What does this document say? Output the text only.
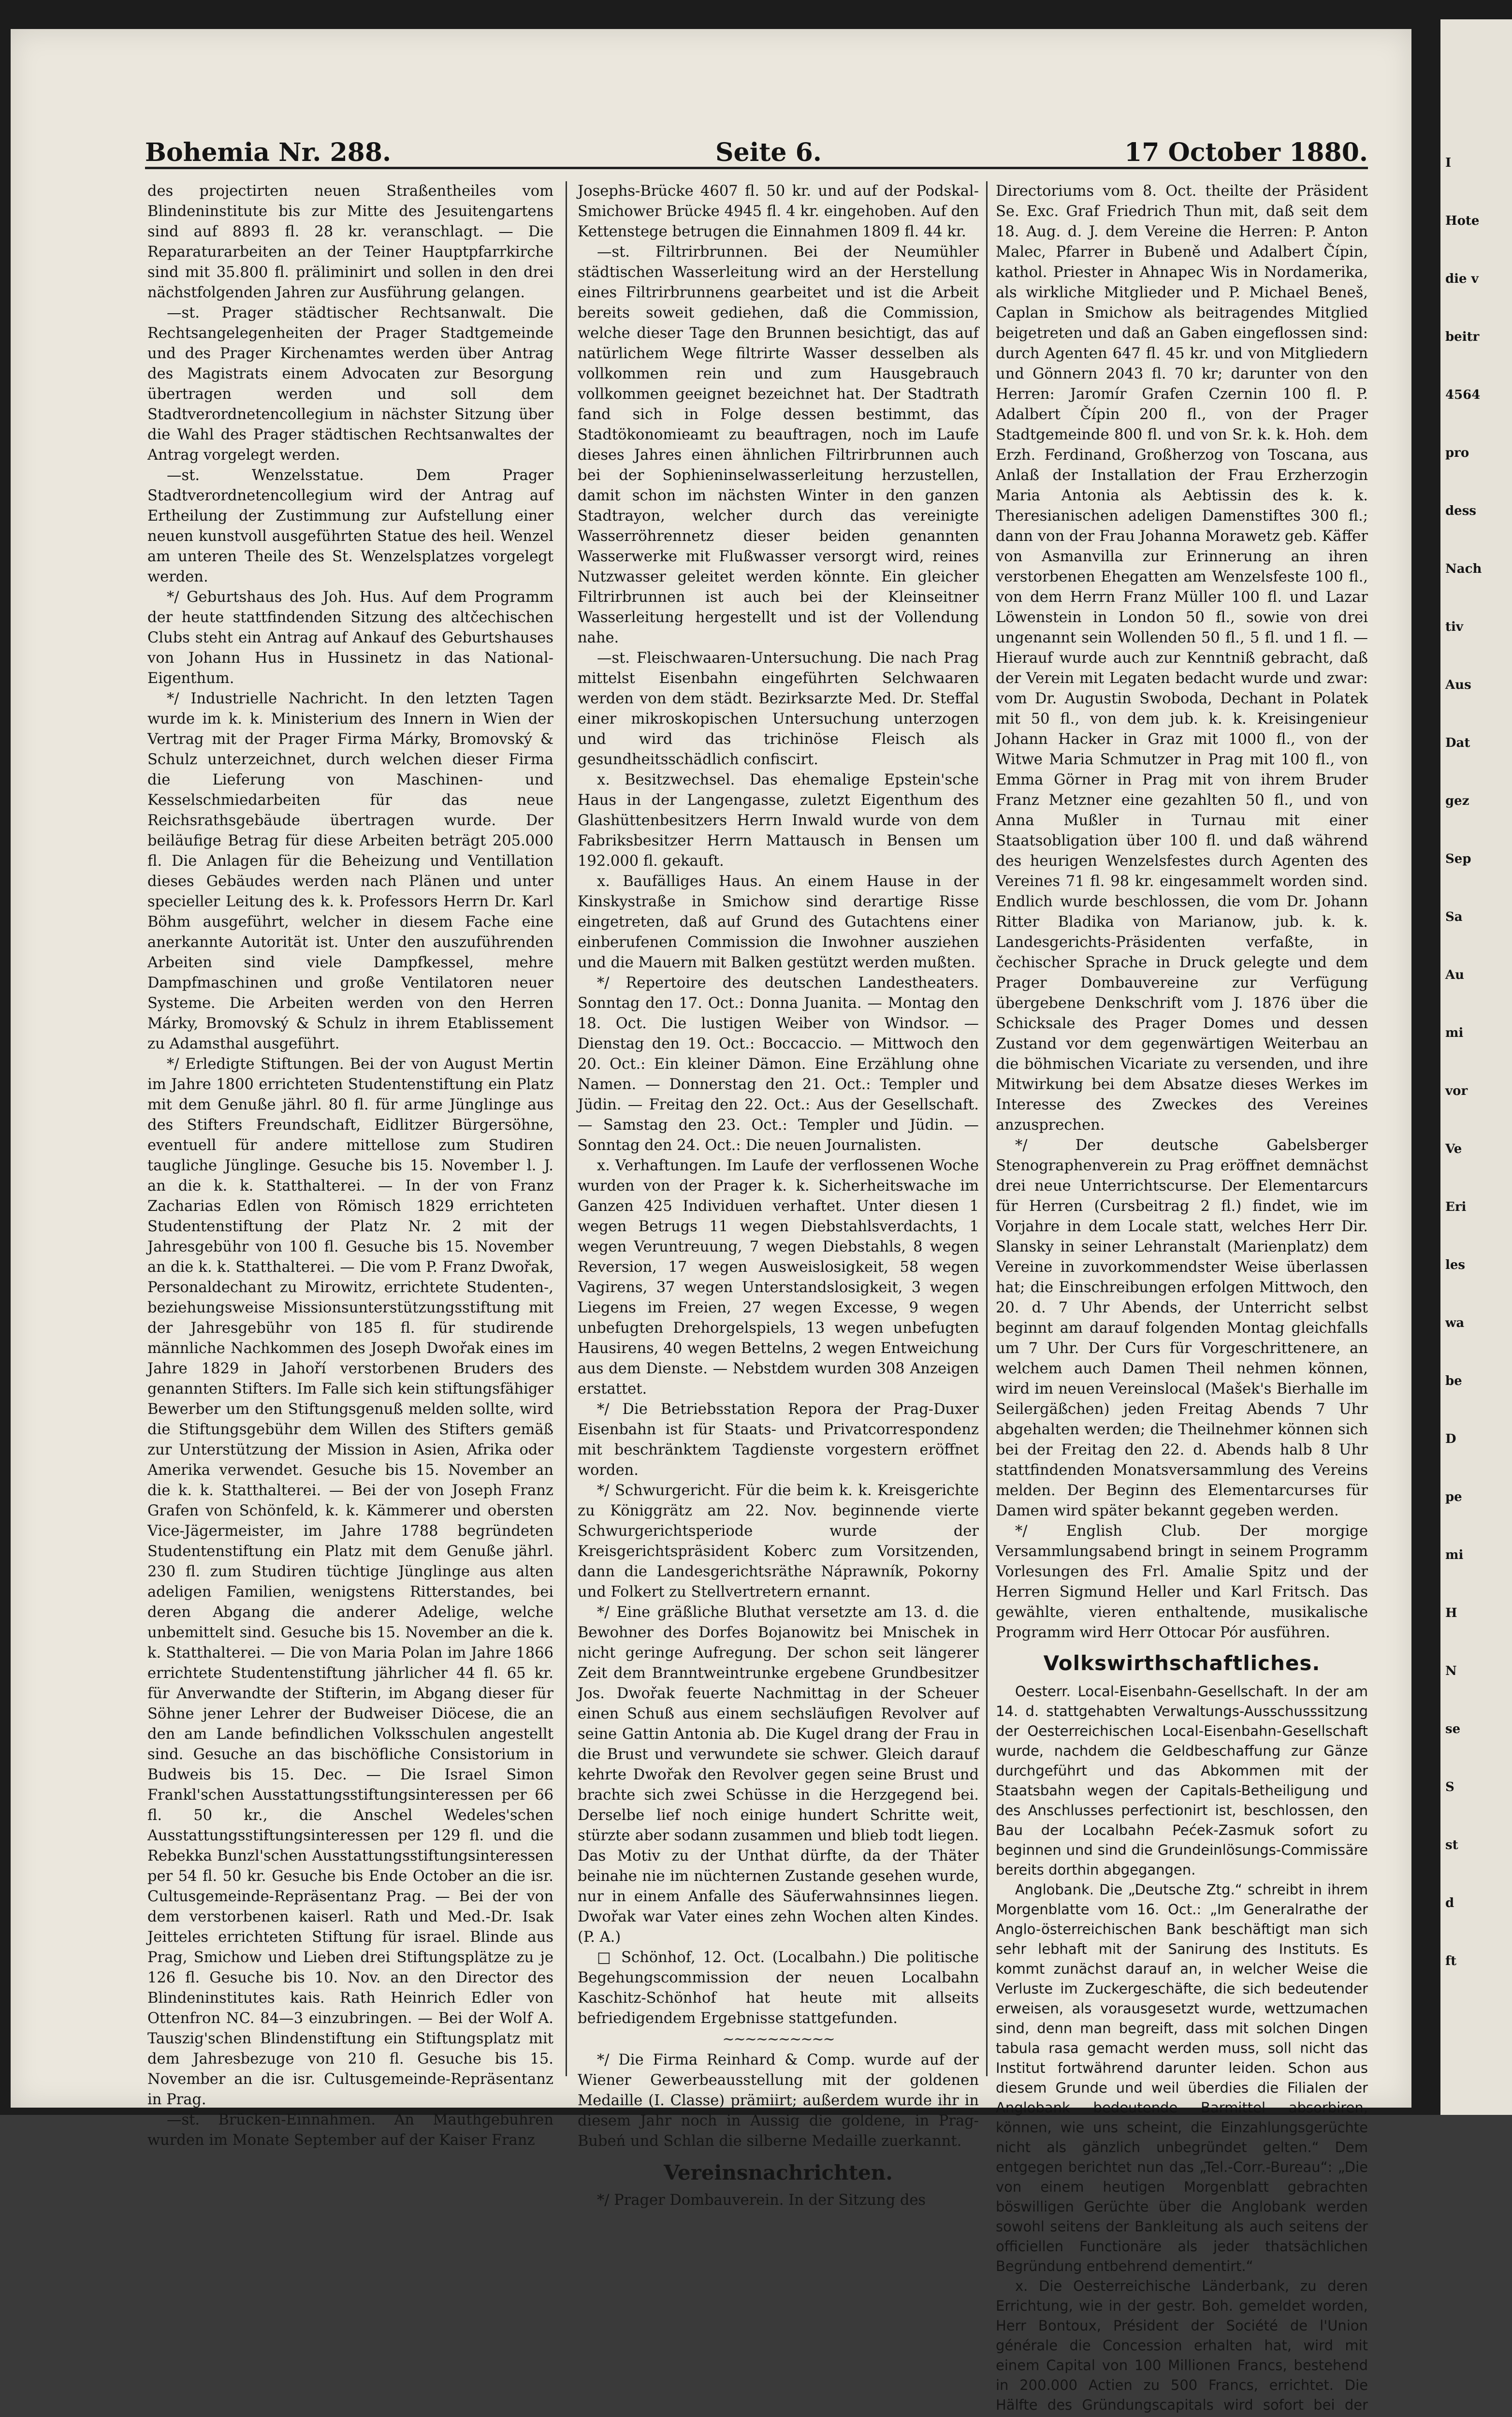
I
Hote
die v
beitr
4564
pro
dess
Nach
tiv
Aus
Dat
gez
Sep
Sa
Au
mi
vor
Ve
Eri
les
wa
be
D
pe
mi
H
N
se
S
st
d
ft
Bohemia Nr. 288.	Seite 6.	17 October 1880.

des projectirten neuen Straßentheiles vom Blindeninstitute bis zur Mitte des Jesuitengartens sind auf 8893 fl. 28 kr. veranschlagt. — Die Reparaturarbeiten an der Teiner Hauptpfarrkirche sind mit 35.800 fl. präliminirt und sollen in den drei nächstfolgenden Jahren zur Ausführung gelangen.

—st. Prager städtischer Rechtsanwalt. Die Rechtsangelegenheiten der Prager Stadtgemeinde und des Prager Kirchenamtes werden über Antrag des Magistrats einem Advocaten zur Besorgung übertragen werden und soll dem Stadtverordnetencollegium in nächster Sitzung über die Wahl des Prager städtischen Rechtsanwaltes der Antrag vorgelegt werden.

—st. Wenzelsstatue. Dem Prager Stadtverordnetencollegium wird der Antrag auf Ertheilung der Zustimmung zur Aufstellung einer neuen kunstvoll ausgeführten Statue des heil. Wenzel am unteren Theile des St. Wenzelsplatzes vorgelegt werden.

*/ Geburtshaus des Joh. Hus. Auf dem Programm der heute stattfindenden Sitzung des altčechischen Clubs steht ein Antrag auf Ankauf des Geburtshauses von Johann Hus in Hussinetz in das National-Eigenthum.

*/ Industrielle Nachricht. In den letzten Tagen wurde im k. k. Ministerium des Innern in Wien der Vertrag mit der Prager Firma Márky, Bromovský & Schulz unterzeichnet, durch welchen dieser Firma die Lieferung von Maschinen- und Kesselschmiedarbeiten für das neue Reichsrathsgebäude übertragen wurde. Der beiläufige Betrag für diese Arbeiten beträgt 205.000 fl. Die Anlagen für die Beheizung und Ventillation dieses Gebäudes werden nach Plänen und unter specieller Leitung des k. k. Professors Herrn Dr. Karl Böhm ausgeführt, welcher in diesem Fache eine anerkannte Autorität ist. Unter den auszuführenden Arbeiten sind viele Dampfkessel, mehre Dampfmaschinen und große Ventilatoren neuer Systeme. Die Arbeiten werden von den Herren Márky, Bromovský & Schulz in ihrem Etablissement zu Adamsthal ausgeführt.

*/ Erledigte Stiftungen. Bei der von August Mertin im Jahre 1800 errichteten Studentenstiftung ein Platz mit dem Genuße jährl. 80 fl. für arme Jünglinge aus des Stifters Freundschaft, Eidlitzer Bürgersöhne, eventuell für andere mittellose zum Studiren taugliche Jünglinge. Gesuche bis 15. November l. J. an die k. k. Statthalterei. — In der von Franz Zacharias Edlen von Römisch 1829 errichteten Studentenstiftung der Platz Nr. 2 mit der Jahresgebühr von 100 fl. Gesuche bis 15. November an die k. k. Statthalterei. — Die vom P. Franz Dwořak, Personaldechant zu Mirowitz, errichtete Studenten-, beziehungsweise Missionsunterstützungsstiftung mit der Jahresgebühr von 185 fl. für studirende männliche Nachkommen des Joseph Dwořak eines im Jahre 1829 in Jahoří verstorbenen Bruders des genannten Stifters. Im Falle sich kein stiftungsfähiger Bewerber um den Stiftungsgenuß melden sollte, wird die Stiftungsgebühr dem Willen des Stifters gemäß zur Unterstützung der Mission in Asien, Afrika oder Amerika verwendet. Gesuche bis 15. November an die k. k. Statthalterei. — Bei der von Joseph Franz Grafen von Schönfeld, k. k. Kämmerer und obersten Vice-Jägermeister, im Jahre 1788 begründeten Studentenstiftung ein Platz mit dem Genuße jährl. 230 fl. zum Studiren tüchtige Jünglinge aus alten adeligen Familien, wenigstens Ritterstandes, bei deren Abgang die anderer Adelige, welche unbemittelt sind. Gesuche bis 15. November an die k. k. Statthalterei. — Die von Maria Polan im Jahre 1866 errichtete Studentenstiftung jährlicher 44 fl. 65 kr. für Anverwandte der Stifterin, im Abgang dieser für Söhne jener Lehrer der Budweiser Diöcese, die an den am Lande befindlichen Volksschulen angestellt sind. Gesuche an das bischöfliche Consistorium in Budweis bis 15. Dec. — Die Israel Simon Frankl'schen Ausstattungsstiftungsinteressen per 66 fl. 50 kr., die Anschel Wedeles'schen Ausstattungsstiftungsinteressen per 129 fl. und die Rebekka Bunzl'schen Ausstattungsstiftungsinteressen per 54 fl. 50 kr. Gesuche bis Ende October an die isr. Cultusgemeinde-Repräsentanz Prag. — Bei der von dem verstorbenen kaiserl. Rath und Med.-Dr. Isak Jeitteles errichteten Stiftung für israel. Blinde aus Prag, Smichow und Lieben drei Stiftungsplätze zu je 126 fl. Gesuche bis 10. Nov. an den Director des Blindeninstitutes kais. Rath Heinrich Edler von Ottenfron NC. 84—3 einzubringen. — Bei der Wolf A. Tauszig'schen Blindenstiftung ein Stiftungsplatz mit dem Jahresbezuge von 210 fl. Gesuche bis 15. November an die isr. Cultusgemeinde-Repräsentanz in Prag.

—st. Brücken-Einnahmen. An Mauthgebühren wurden im Monate September auf der Kaiser Franz

Josephs-Brücke 4607 fl. 50 kr. und auf der Podskal-Smichower Brücke 4945 fl. 4 kr. eingehoben. Auf den Kettenstege betrugen die Einnahmen 1809 fl. 44 kr.

—st. Filtrirbrunnen. Bei der Neumühler städtischen Wasserleitung wird an der Herstellung eines Filtrirbrunnens gearbeitet und ist die Arbeit bereits soweit gediehen, daß die Commission, welche dieser Tage den Brunnen besichtigt, das auf natürlichem Wege filtrirte Wasser desselben als vollkommen rein und zum Hausgebrauch vollkommen geeignet bezeichnet hat. Der Stadtrath fand sich in Folge dessen bestimmt, das Stadtökonomieamt zu beauftragen, noch im Laufe dieses Jahres einen ähnlichen Filtrirbrunnen auch bei der Sophieninselwasserleitung herzustellen, damit schon im nächsten Winter in den ganzen Stadtrayon, welcher durch das vereinigte Wasserröhrennetz dieser beiden genannten Wasserwerke mit Flußwasser versorgt wird, reines Nutzwasser geleitet werden könnte. Ein gleicher Filtrirbrunnen ist auch bei der Kleinseitner Wasserleitung hergestellt und ist der Vollendung nahe.

—st. Fleischwaaren-Untersuchung. Die nach Prag mittelst Eisenbahn eingeführten Selchwaaren werden von dem städt. Bezirksarzte Med. Dr. Steffal einer mikroskopischen Untersuchung unterzogen und wird das trichinöse Fleisch als gesundheitsschädlich confiscirt.

x. Besitzwechsel. Das ehemalige Epstein'sche Haus in der Langengasse, zuletzt Eigenthum des Glashüttenbesitzers Herrn Inwald wurde von dem Fabriksbesitzer Herrn Mattausch in Bensen um 192.000 fl. gekauft.

x. Baufälliges Haus. An einem Hause in der Kinskystraße in Smichow sind derartige Risse eingetreten, daß auf Grund des Gutachtens einer einberufenen Commission die Inwohner ausziehen und die Mauern mit Balken gestützt werden mußten.

*/ Repertoire des deutschen Landestheaters. Sonntag den 17. Oct.: Donna Juanita. — Montag den 18. Oct. Die lustigen Weiber von Windsor. — Dienstag den 19. Oct.: Boccaccio. — Mittwoch den 20. Oct.: Ein kleiner Dämon. Eine Erzählung ohne Namen. — Donnerstag den 21. Oct.: Templer und Jüdin. — Freitag den 22. Oct.: Aus der Gesellschaft. — Samstag den 23. Oct.: Templer und Jüdin. — Sonntag den 24. Oct.: Die neuen Journalisten.

x. Verhaftungen. Im Laufe der verflossenen Woche wurden von der Prager k. k. Sicherheitswache im Ganzen 425 Individuen verhaftet. Unter diesen 1 wegen Betrugs 11 wegen Diebstahlsverdachts, 1 wegen Veruntreuung, 7 wegen Diebstahls, 8 wegen Reversion, 17 wegen Ausweislosigkeit, 58 wegen Vagirens, 37 wegen Unterstandslosigkeit, 3 wegen Liegens im Freien, 27 wegen Excesse, 9 wegen unbefugten Drehorgelspiels, 13 wegen unbefugten Hausirens, 40 wegen Bettelns, 2 wegen Entweichung aus dem Dienste. — Nebstdem wurden 308 Anzeigen erstattet.

*/ Die Betriebsstation Repora der Prag-Duxer Eisenbahn ist für Staats- und Privatcorrespondenz mit beschränktem Tagdienste vorgestern eröffnet worden.

*/ Schwurgericht. Für die beim k. k. Kreisgerichte zu Königgrätz am 22. Nov. beginnende vierte Schwurgerichtsperiode wurde der Kreisgerichtspräsident Koberc zum Vorsitzenden, dann die Landesgerichtsräthe Náprawník, Pokorny und Folkert zu Stellvertretern ernannt.

*/ Eine gräßliche Bluthat versetzte am 13. d. die Bewohner des Dorfes Bojanowitz bei Mnischek in nicht geringe Aufregung. Der schon seit längerer Zeit dem Branntweintrunke ergebene Grundbesitzer Jos. Dwořak feuerte Nachmittag in der Scheuer einen Schuß aus einem sechsläufigen Revolver auf seine Gattin Antonia ab. Die Kugel drang der Frau in die Brust und verwundete sie schwer. Gleich darauf kehrte Dwořak den Revolver gegen seine Brust und brachte sich zwei Schüsse in die Herzgegend bei. Derselbe lief noch einige hundert Schritte weit, stürzte aber sodann zusammen und blieb todt liegen. Das Motiv zu der Unthat dürfte, da der Thäter beinahe nie im nüchternen Zustande gesehen wurde, nur in einem Anfalle des Säuferwahnsinnes liegen. Dwořak war Vater eines zehn Wochen alten Kindes. (P. A.)

□ Schönhof, 12. Oct. (Localbahn.) Die politische Begehungscommission der neuen Localbahn Kaschitz-Schönhof hat heute mit allseits befriedigendem Ergebnisse stattgefunden.

~~~~~~~~~~

*/ Die Firma Reinhard & Comp. wurde auf der Wiener Gewerbeausstellung mit der goldenen Medaille (I. Classe) prämiirt; außerdem wurde ihr in diesem Jahr noch in Aussig die goldene, in Prag-Bubeń und Schlan die silberne Medaille zuerkannt.

Vereinsnachrichten.

*/ Prager Dombauverein. In der Sitzung des

Directoriums vom 8. Oct. theilte der Präsident Se. Exc. Graf Friedrich Thun mit, daß seit dem 18. Aug. d. J. dem Vereine die Herren: P. Anton Malec, Pfarrer in Bubeně und Adalbert Čípin, kathol. Priester in Ahnapec Wis in Nordamerika, als wirkliche Mitglieder und P. Michael Beneš, Caplan in Smichow als beitragendes Mitglied beigetreten und daß an Gaben eingeflossen sind: durch Agenten 647 fl. 45 kr. und von Mitgliedern und Gönnern 2043 fl. 70 kr; darunter von den Herren: Jaromír Grafen Czernin 100 fl. P. Adalbert Čípin 200 fl., von der Prager Stadtgemeinde 800 fl. und von Sr. k. k. Hoh. dem Erzh. Ferdinand, Großherzog von Toscana, aus Anlaß der Installation der Frau Erzherzogin Maria Antonia als Aebtissin des k. k. Theresianischen adeligen Damenstiftes 300 fl.; dann von der Frau Johanna Morawetz geb. Käffer von Asmanvilla zur Erinnerung an ihren verstorbenen Ehegatten am Wenzelsfeste 100 fl., von dem Herrn Franz Müller 100 fl. und Lazar Löwenstein in London 50 fl., sowie von drei ungenannt sein Wollenden 50 fl., 5 fl. und 1 fl. — Hierauf wurde auch zur Kenntniß gebracht, daß der Verein mit Legaten bedacht wurde und zwar: vom Dr. Augustin Swoboda, Dechant in Polatek mit 50 fl., von dem jub. k. k. Kreisingenieur Johann Hacker in Graz mit 1000 fl., von der Witwe Maria Schmutzer in Prag mit 100 fl., von Emma Görner in Prag mit von ihrem Bruder Franz Metzner eine gezahlten 50 fl., und von Anna Mußler in Turnau mit einer Staatsobligation über 100 fl. und daß während des heurigen Wenzelsfestes durch Agenten des Vereines 71 fl. 98 kr. eingesammelt worden sind. Endlich wurde beschlossen, die vom Dr. Johann Ritter Bladika von Marianow, jub. k. k. Landesgerichts-Präsidenten verfaßte, in čechischer Sprache in Druck gelegte und dem Prager Dombauvereine zur Verfügung übergebene Denkschrift vom J. 1876 über die Schicksale des Prager Domes und dessen Zustand vor dem gegenwärtigen Weiterbau an die böhmischen Vicariate zu versenden, und ihre Mitwirkung bei dem Absatze dieses Werkes im Interesse des Zweckes des Vereines anzusprechen.

*/ Der deutsche Gabelsberger Stenographenverein zu Prag eröffnet demnächst drei neue Unterrichtscurse. Der Elementarcurs für Herren (Cursbeitrag 2 fl.) findet, wie im Vorjahre in dem Locale statt, welches Herr Dir. Slansky in seiner Lehranstalt (Marienplatz) dem Vereine in zuvorkommendster Weise überlassen hat; die Einschreibungen erfolgen Mittwoch, den 20. d. 7 Uhr Abends, der Unterricht selbst beginnt am darauf folgenden Montag gleichfalls um 7 Uhr. Der Curs für Vorgeschrittenere, an welchem auch Damen Theil nehmen können, wird im neuen Vereinslocal (Mašek's Bierhalle im Seilergäßchen) jeden Freitag Abends 7 Uhr abgehalten werden; die Theilnehmer können sich bei der Freitag den 22. d. Abends halb 8 Uhr stattfindenden Monatsversammlung des Vereins melden. Der Beginn des Elementarcurses für Damen wird später bekannt gegeben werden.

*/ English Club. Der morgige Versammlungsabend bringt in seinem Programm Vorlesungen des Frl. Amalie Spitz und der Herren Sigmund Heller und Karl Fritsch. Das gewählte, vieren enthaltende, musikalische Programm wird Herr Ottocar Pór ausführen.

Volkswirthschaftliches.

Oesterr. Local-Eisenbahn-Gesellschaft. In der am 14. d. stattgehabten Verwaltungs-Ausschusssitzung der Oesterreichischen Local-Eisenbahn-Gesellschaft wurde, nachdem die Geldbeschaffung zur Gänze durchgeführt und das Abkommen mit der Staatsbahn wegen der Capitals-Betheiligung und des Anschlusses perfectionirt ist, beschlossen, den Bau der Localbahn Pećek-Zasmuk sofort zu beginnen und sind die Grundeinlösungs-Commissäre bereits dorthin abgegangen.

Anglobank. Die „Deutsche Ztg.“ schreibt in ihrem Morgenblatte vom 16. Oct.: „Im Generalrathe der Anglo-österreichischen Bank beschäftigt man sich sehr lebhaft mit der Sanirung des Instituts. Es kommt zunächst darauf an, in welcher Weise die Verluste im Zuckergeschäfte, die sich bedeutender erweisen, als vorausgesetzt wurde, wettzumachen sind, denn man begreift, dass mit solchen Dingen tabula rasa gemacht werden muss, soll nicht das Institut fortwährend darunter leiden. Schon aus diesem Grunde und weil überdies die Filialen der Anglobank bedeutende Barmittel absorbiren, können, wie uns scheint, die Einzahlungsgerüchte nicht als gänzlich unbegründet gelten.“ Dem entgegen berichtet nun das „Tel.-Corr.-Bureau“: „Die von einem heutigen Morgenblatt gebrachten böswilligen Gerüchte über die Anglobank werden sowohl seitens der Bankleitung als auch seitens der officiellen Functionäre als jeder thatsächlichen Begründung entbehrend dementirt.“

x. Die Oesterreichische Länderbank, zu deren Errichtung, wie in der gestr. Boh. gemeldet worden, Herr Bontoux, Président der Société de l'Union générale die Concession erhalten hat, wird mit einem Capital von 100 Millionen Francs, bestehend in 200.000 Actien zu 500 Francs, errichtet. Die Hälfte des Gründungscapitals wird sofort bei der
